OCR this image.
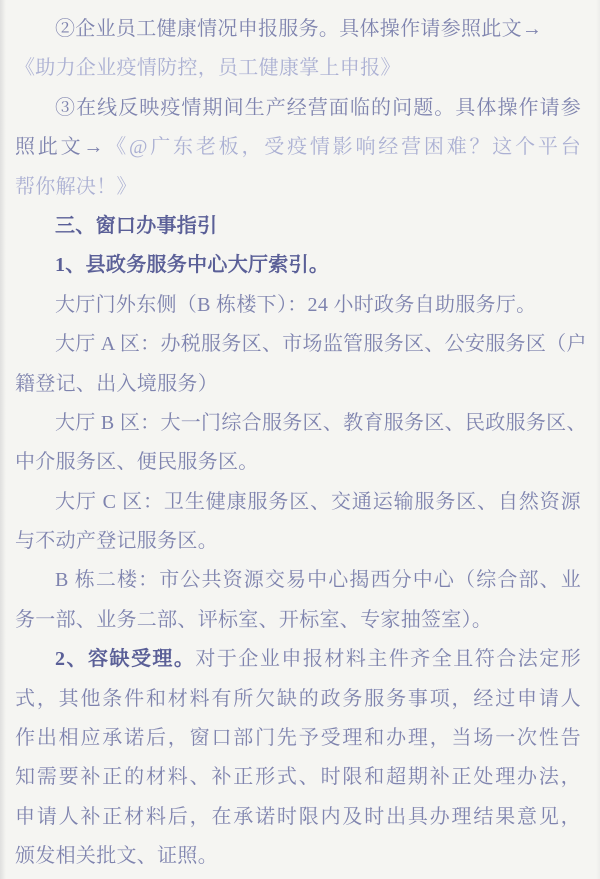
②企业员工健康情况申报服务。具体操作请参照此文→
《助力企业疫情防控，员工健康掌上申报》
③在线反映疫情期间生产经营面临的问题。具体操作请参
照此文→《@广东老板，受疫情影响经营困难？这个平台
帮你解决！》
三、窗口办事指引
1、县政务服务中心大厅索引。
大厅门外东侧（B 栋楼下）：24 小时政务自助服务厅。
大厅 A 区：办税服务区、市场监管服务区、公安服务区（户
籍登记、出入境服务）
大厅 B 区：大一门综合服务区、教育服务区、民政服务区、
中介服务区、便民服务区。
大厅 C 区：卫生健康服务区、交通运输服务区、自然资源
与不动产登记服务区。
B 栋二楼：市公共资源交易中心揭西分中心（综合部、业
务一部、业务二部、评标室、开标室、专家抽签室）。
2、容缺受理。对于企业申报材料主件齐全且符合法定形
式，其他条件和材料有所欠缺的政务服务事项，经过申请人
作出相应承诺后，窗口部门先予受理和办理，当场一次性告
知需要补正的材料、补正形式、时限和超期补正处理办法，
申请人补正材料后，在承诺时限内及时出具办理结果意见，
颁发相关批文、证照。
